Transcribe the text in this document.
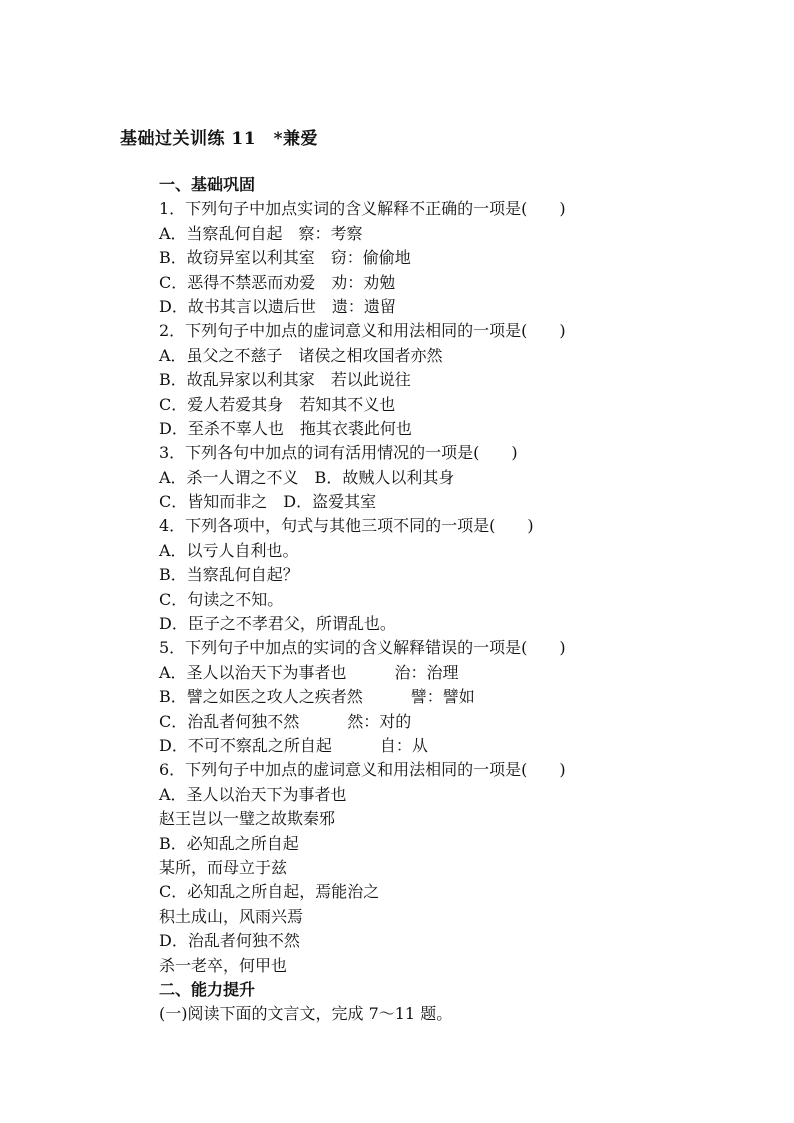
基础过关训练 11　*兼爱
一、基础巩固
1．下列句子中加点实词的含义解释不正确的一项是(　　)
A．当察乱何自起　察：考察
B．故窃异室以利其室　窃：偷偷地
C．恶得不禁恶而劝爱　劝：劝勉
D．故书其言以遗后世　遗：遗留
2．下列句子中加点的虚词意义和用法相同的一项是(　　)
A．虽父之不慈子　诸侯之相攻国者亦然
B．故乱异家以利其家　若以此说往
C．爱人若爱其身　若知其不义也
D．至杀不辜人也　拖其衣裘此何也
3．下列各句中加点的词有活用情况的一项是(　　)
A．杀一人谓之不义　B．故贼人以利其身
C．皆知而非之　D．盗爱其室
4．下列各项中，句式与其他三项不同的一项是(　　)
A．以亏人自利也。
B．当察乱何自起？
C．句读之不知。
D．臣子之不孝君父，所谓乱也。
5．下列句子中加点的实词的含义解释错误的一项是(　　)
A．圣人以治天下为事者也　　　治：治理
B．譬之如医之攻人之疾者然　　　譬：譬如
C．治乱者何独不然　　　然：对的
D．不可不察乱之所自起　　　自：从
6．下列句子中加点的虚词意义和用法相同的一项是(　　)
A．圣人以治天下为事者也
赵王岂以一璧之故欺秦邪
B．必知乱之所自起
某所，而母立于兹
C．必知乱之所自起，焉能治之
积土成山，风雨兴焉
D．治乱者何独不然
杀一老卒，何甲也
二、能力提升
(一)阅读下面的文言文，完成 7～11 题。
